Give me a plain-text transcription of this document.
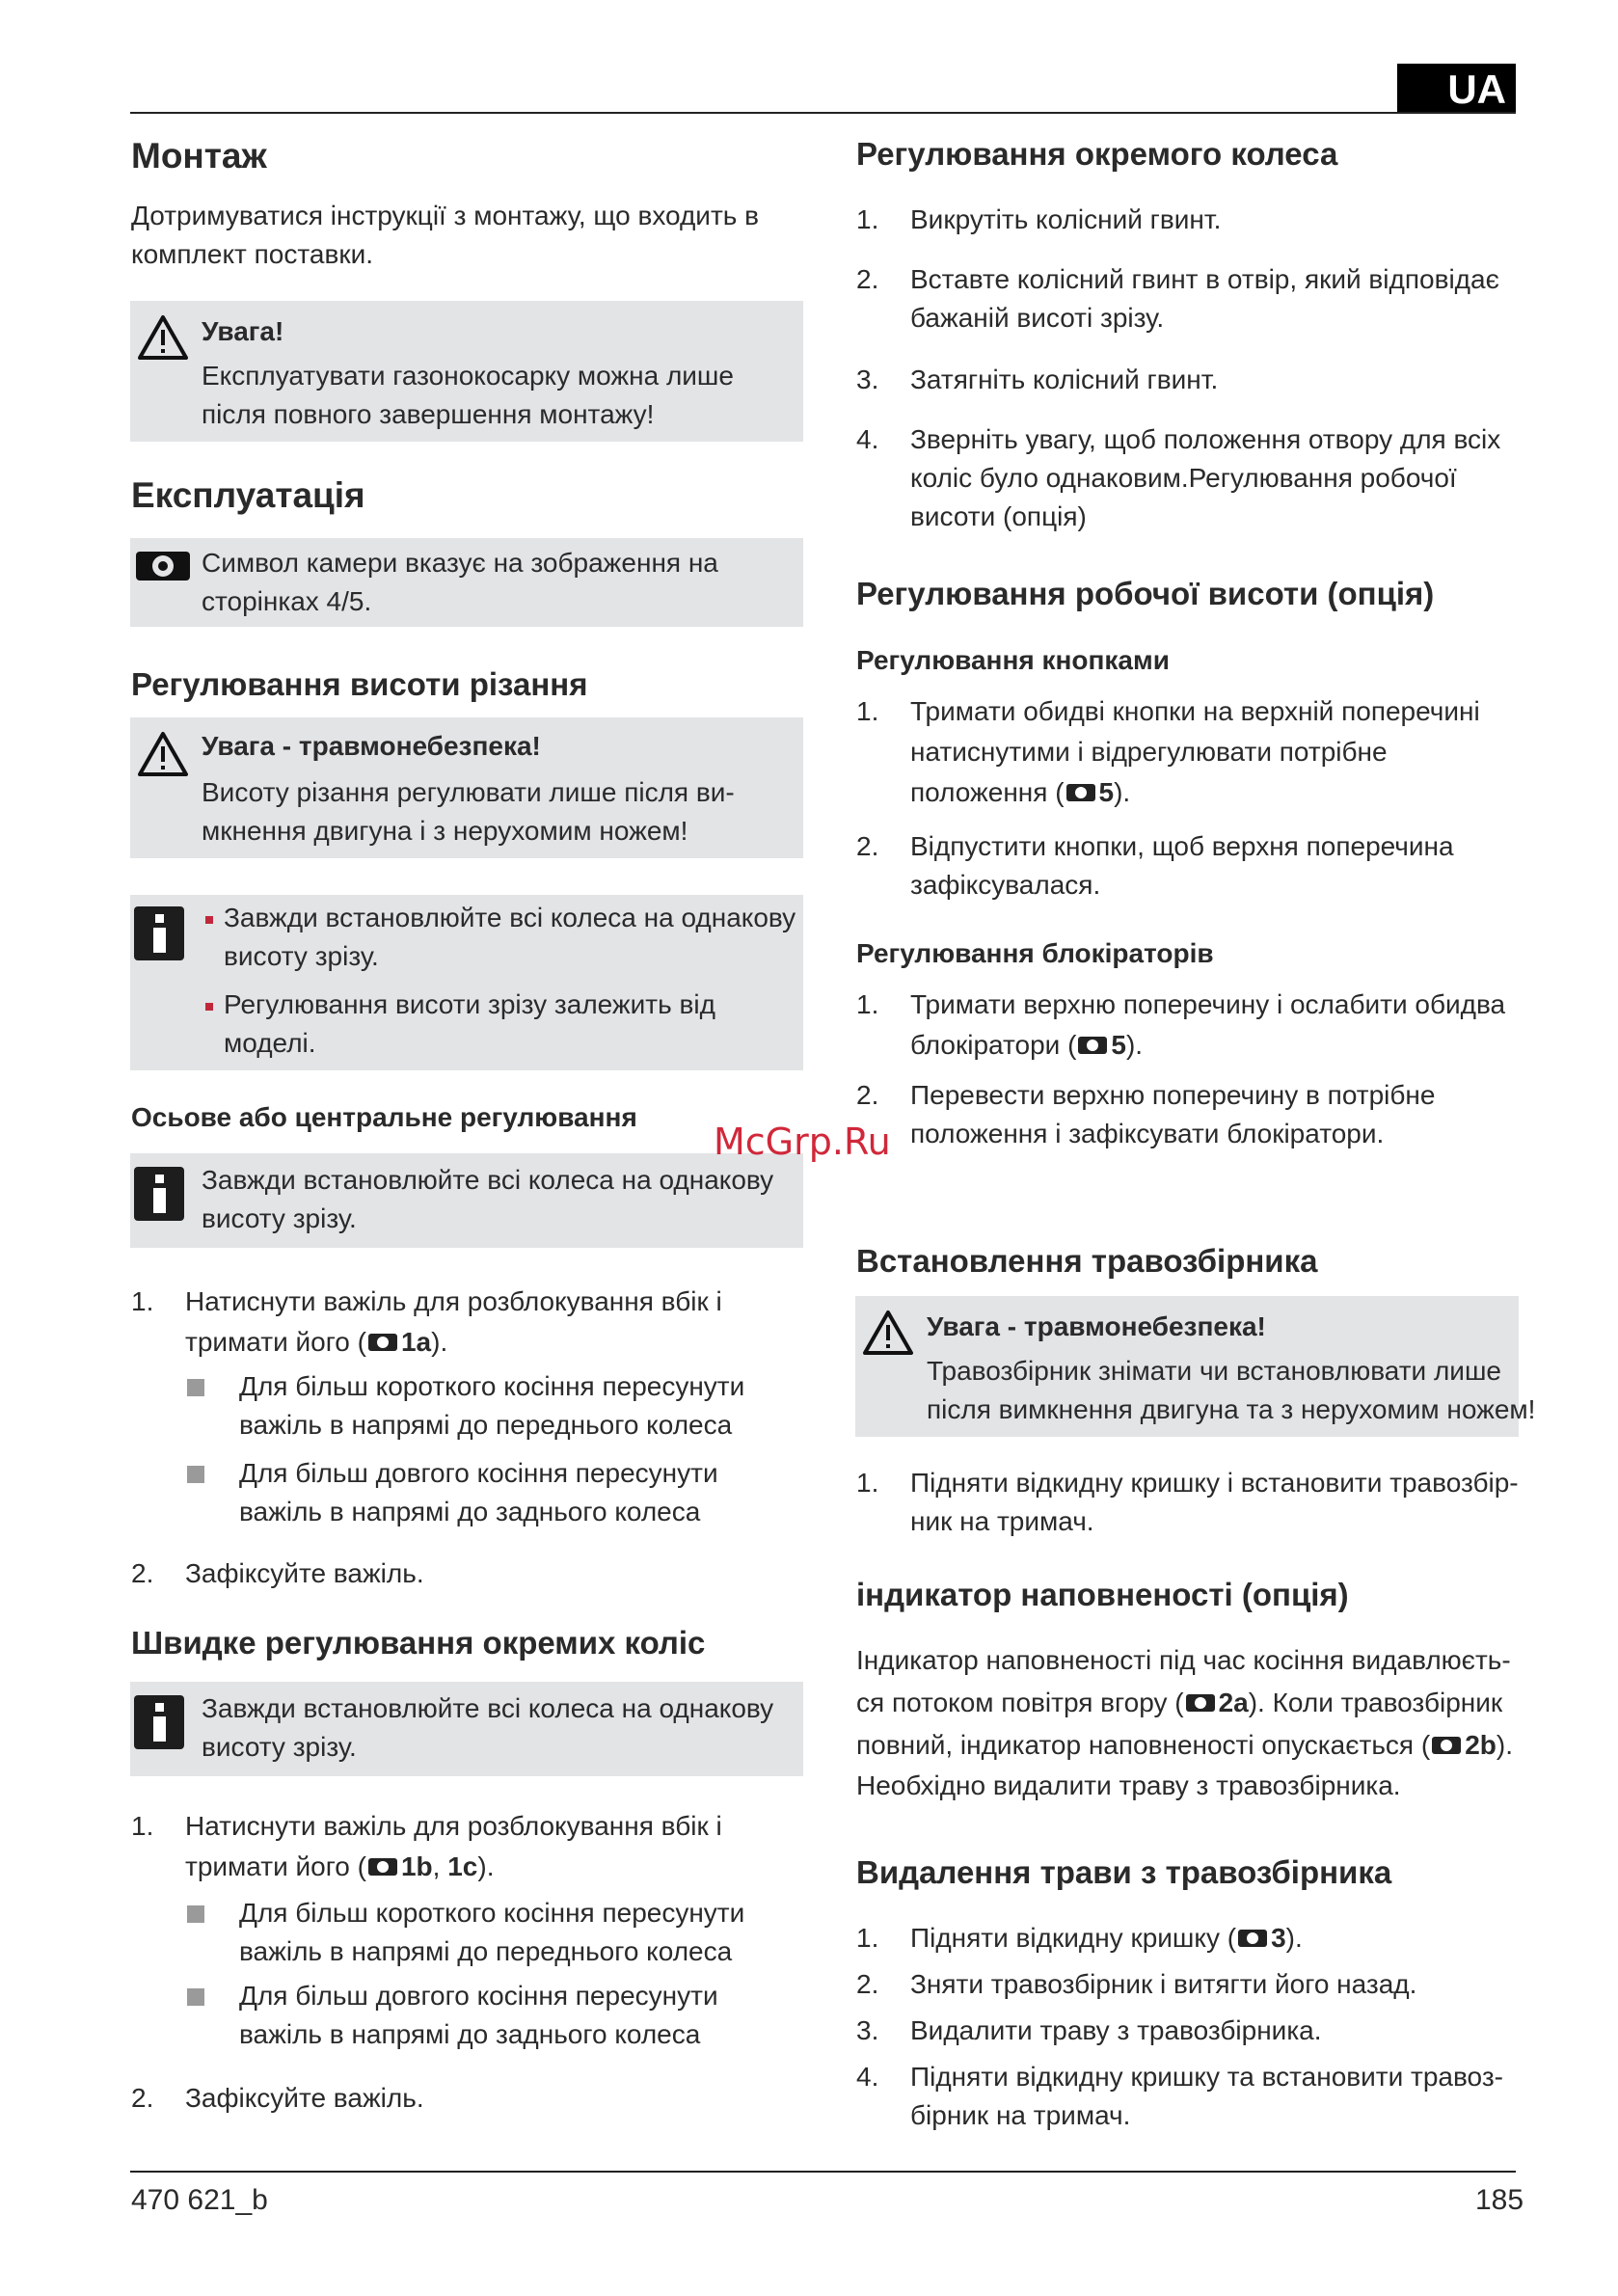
UA
Монтаж
Дотримуватися інструкції з монтажу, що входить в
комплект поставки.
Увага!
Експлуатувати газонокосарку можна лише
після повного завершення монтажу!
Експлуатація
Символ камери вказує на зображення на
сторінках 4/5.
Регулювання висоти різання
Увага - травмонебезпека!
Висоту різання регулювати лише після ви-
мкнення двигуна і з нерухомим ножем!
Завжди встановлюйте всі колеса на однакову
висоту зрізу.
Регулювання висоти зрізу залежить від
моделі.
Осьове або центральне регулювання
Завжди встановлюйте всі колеса на однакову
висоту зрізу.
1. Натиснути важіль для розблокування вбік і
тримати його ( 1a).
Для більш короткого косіння пересунути
важіль в напрямі до переднього колеса
Для більш довгого косіння пересунути
важіль в напрямі до заднього колеса
2. Зафіксуйте важіль.
Швидке регулювання окремих коліс
Завжди встановлюйте всі колеса на однакову
висоту зрізу.
1. Натиснути важіль для розблокування вбік і
тримати його ( 1b, 1c).
Для більш короткого косіння пересунути
важіль в напрямі до переднього колеса
Для більш довгого косіння пересунути
важіль в напрямі до заднього колеса
2. Зафіксуйте важіль.
Регулювання окремого колеса
1. Викрутіть колісний гвинт.
2. Вставте колісний гвинт в отвір, який відповідає
бажаній висоті зрізу.
3. Затягніть колісний гвинт.
4. Зверніть увагу, щоб положення отвору для всіх
коліс було однаковим.Регулювання робочої
висоти (опція)
Регулювання робочої висоти (опція)
Регулювання кнопками
1. Тримати обидві кнопки на верхній поперечині
натиснутими і відрегулювати потрібне
положення ( 5).
2. Відпустити кнопки, щоб верхня поперечина
зафіксувалася.
Регулювання блокіраторів
1. Тримати верхню поперечину і ослабити обидва
блокіратори ( 5).
2. Перевести верхню поперечину в потрібне
положення і зафіксувати блокіратори.
McGrp.Ru
Встановлення травозбірника
Увага - травмонебезпека!
Травозбірник знімати чи встановлювати лише
після вимкнення двигуна та з нерухомим ножем!
1. Підняти відкидну кришку і встановити травозбір-
ник на тримач.
індикатор наповненості (опція)
Індикатор наповненості під час косіння видавлюєть-
ся потоком повітря вгору ( 2a). Коли травозбірник
повний, індикатор наповненості опускається ( 2b).
Необхідно видалити траву з травозбірника.
Видалення трави з травозбірника
1. Підняти відкидну кришку ( 3).
2. Зняти травозбірник і витягти його назад.
3. Видалити траву з травозбірника.
4. Підняти відкидну кришку та встановити травоз-
бірник на тримач.
470 621_b	185
